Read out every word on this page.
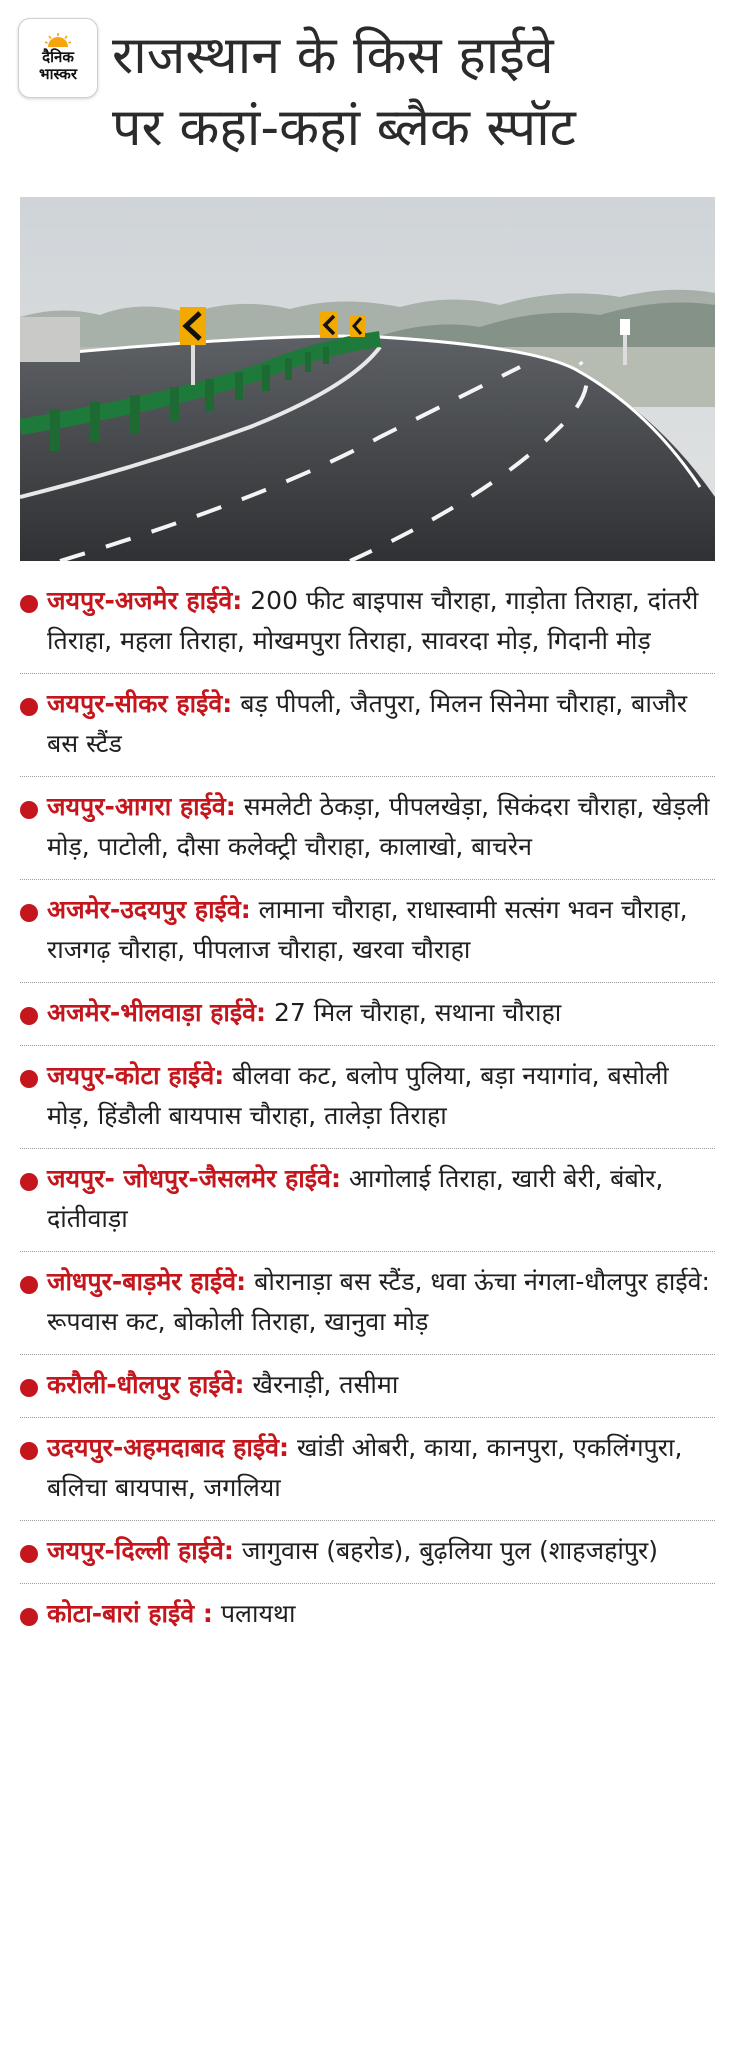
दैनिक
भास्कर राजस्थान के किस हाईवे
पर कहां-कहां ब्लैक स्पॉट
जयपुर-अजमेर हाईवे: 200 फीट बाइपास चौराहा, गाड़ोता तिराहा, दांतरी तिराहा, महला तिराहा, मोखमपुरा तिराहा, सावरदा मोड़, गिदानी मोड़
जयपुर-सीकर हाईवे: बड़ पीपली, जैतपुरा, मिलन सिनेमा चौराहा, बाजौर बस स्टैंड
जयपुर-आगरा हाईवे: समलेटी ठेकड़ा, पीपलखेड़ा, सिकंदरा चौराहा, खेड़ली मोड़, पाटोली, दौसा कलेक्ट्री चौराहा, कालाखो, बाचरेन
अजमेर-उदयपुर हाईवे: लामाना चौराहा, राधास्वामी सत्संग भवन चौराहा, राजगढ़ चौराहा, पीपलाज चौराहा, खरवा चौराहा
अजमेर-भीलवाड़ा हाईवे: 27 मिल चौराहा, सथाना चौराहा
जयपुर-कोटा हाईवे: बीलवा कट, बलोप पुलिया, बड़ा नयागांव, बसोली मोड़, हिंडौली बायपास चौराहा, तालेड़ा तिराहा
जयपुर- जोधपुर-जैसलमेर हाईवे: आगोलाई तिराहा, खारी बेरी, बंबोर, दांतीवाड़ा
जोधपुर-बाड़मेर हाईवे: बोरानाड़ा बस स्टैंड, धवा ऊंचा नंगला-धौलपुर हाईवे: रूपवास कट, बोकोली तिराहा, खानुवा मोड़
करौली-धौलपुर हाईवे: खैरनाड़ी, तसीमा
उदयपुर-अहमदाबाद हाईवे: खांडी ओबरी, काया, कानपुरा, एकलिंगपुरा, बलिचा बायपास, जगलिया
जयपुर-दिल्ली हाईवे: जागुवास (बहरोड), बुढ़लिया पुल (शाहजहांपुर)
कोटा-बारां हाईवे : पलायथा
